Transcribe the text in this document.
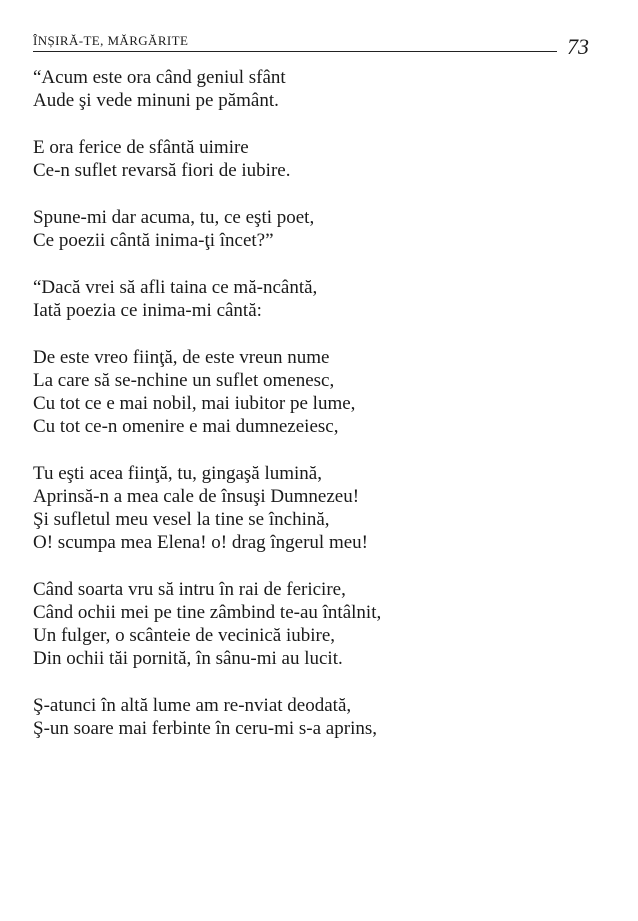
ÎNȘIRĂ-TE, MĂRGĂRITE	73
“Acum este ora când geniul sfânt
Aude şi vede minuni pe pământ.
E ora ferice de sfântă uimire
Ce-n suflet revarsă fiori de iubire.
Spune-mi dar acuma, tu, ce eşti poet,
Ce poezii cântă inima-ţi încet?”
“Dacă vrei să afli taina ce mă-ncântă,
Iată poezia ce inima-mi cântă:
De este vreo fiinţă, de este vreun nume
La care să se-nchine un suflet omenesc,
Cu tot ce e mai nobil, mai iubitor pe lume,
Cu tot ce-n omenire e mai dumnezeiesc,
Tu eşti acea fiinţă, tu, gingaşă lumină,
Aprinsă-n a mea cale de însuşi Dumnezeu!
Şi sufletul meu vesel la tine se închină,
O! scumpa mea Elena! o! drag îngerul meu!
Când soarta vru să intru în rai de fericire,
Când ochii mei pe tine zâmbind te-au întâlnit,
Un fulger, o scânteie de vecinică iubire,
Din ochii tăi pornită, în sânu-mi au lucit.
Ş-atunci în altă lume am re-nviat deodată,
Ş-un soare mai ferbinte în ceru-mi s-a aprins,
